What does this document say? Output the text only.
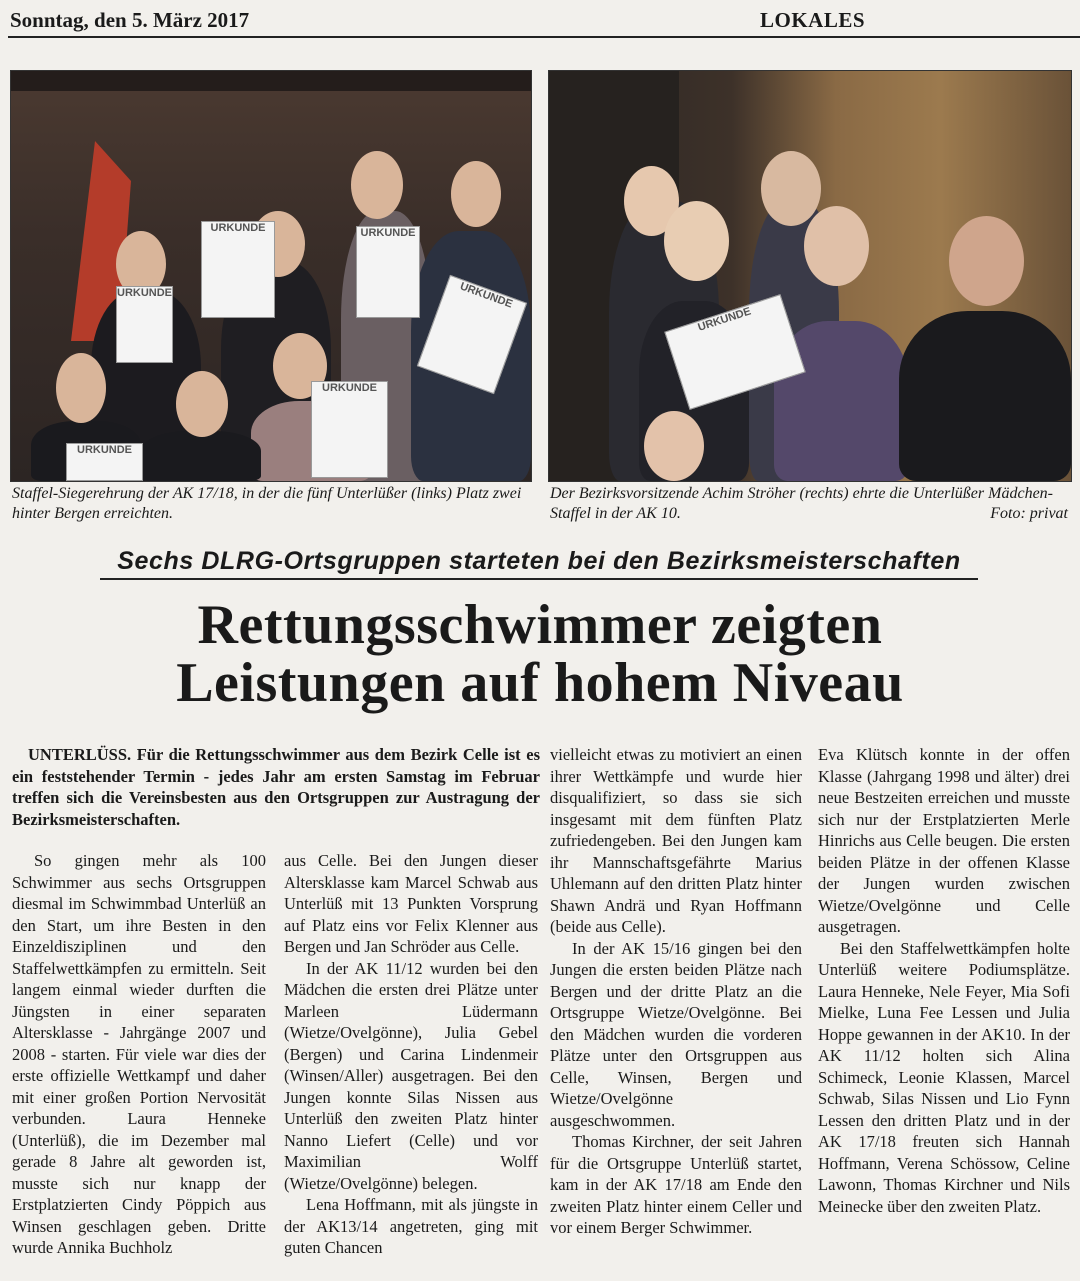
Sonntag, den 5. März 2017	LOKALES
URKUNDE	URKUNDE
URKUNDE	URKUNDE
URKUNDE
URKUNDE
URKUNDE
Staffel-Siegerehrung der AK 17/18, in der die fünf Unterlüßer (links) Platz zwei hinter Bergen erreichten.
Der Bezirksvorsitzende Achim Ströher (rechts) ehrte die Unterlüßer Mädchen-Staffel in der AK 10.	Foto: privat
Sechs DLRG-Ortsgruppen starteten bei den Bezirksmeisterschaften
Rettungsschwimmer zeigten
Leistungen auf hohem Niveau

UNTERLÜSS. Für die Rettungsschwimmer aus dem Bezirk Celle ist es ein feststehender Termin - jedes Jahr am ersten Samstag im Februar treffen sich die Vereinsbesten aus den Ortsgruppen zur Austragung der Bezirksmeisterschaften.

So gingen mehr als 100 Schwimmer aus sechs Ortsgruppen diesmal im Schwimmbad Unterlüß an den Start, um ihre Besten in den Einzeldisziplinen und den Staffelwettkämpfen zu ermitteln. Seit langem einmal wieder durften die Jüngsten in einer separaten Altersklasse - Jahrgänge 2007 und 2008 - starten. Für viele war dies der erste offizielle Wettkampf und daher mit einer großen Portion Nervosität verbunden. Laura Henneke (Unterlüß), die im Dezember mal gerade 8 Jahre alt geworden ist, musste sich nur knapp der Erstplatzierten Cindy Pöppich aus Winsen geschlagen geben. Dritte wurde Annika Buchholz

aus Celle. Bei den Jungen dieser Altersklasse kam Marcel Schwab aus Unterlüß mit 13 Punkten Vorsprung auf Platz eins vor Felix Klenner aus Bergen und Jan Schröder aus Celle.

In der AK 11/12 wurden bei den Mädchen die ersten drei Plätze unter Marleen Lüdermann (Wietze/Ovelgönne), Julia Gebel (Bergen) und Carina Lindenmeir (Winsen/Aller) ausgetragen. Bei den Jungen konnte Silas Nissen aus Unterlüß den zweiten Platz hinter Nanno Liefert (Celle) und vor Maximilian Wolff (Wietze/Ovelgönne) belegen.

Lena Hoffmann, mit als jüngste in der AK13/14 angetreten, ging mit guten Chancen

vielleicht etwas zu motiviert an einen ihrer Wettkämpfe und wurde hier disqualifiziert, so dass sie sich insgesamt mit dem fünften Platz zufriedengeben. Bei den Jungen kam ihr Mannschaftsgefährte Marius Uhlemann auf den dritten Platz hinter Shawn Andrä und Ryan Hoffmann (beide aus Celle).

In der AK 15/16 gingen bei den Jungen die ersten beiden Plätze nach Bergen und der dritte Platz an die Ortsgruppe Wietze/Ovelgönne. Bei den Mädchen wurden die vorderen Plätze unter den Ortsgruppen aus Celle, Winsen, Bergen und Wietze/Ovelgönne ausgeschwommen.

Thomas Kirchner, der seit Jahren für die Ortsgruppe Unterlüß startet, kam in der AK 17/18 am Ende den zweiten Platz hinter einem Celler und vor einem Berger Schwimmer.

Eva Klütsch konnte in der offen Klasse (Jahrgang 1998 und älter) drei neue Bestzeiten erreichen und musste sich nur der Erstplatzierten Merle Hinrichs aus Celle beugen. Die ersten beiden Plätze in der offenen Klasse der Jungen wurden zwischen Wietze/Ovelgönne und Celle ausgetragen.

Bei den Staffelwettkämpfen holte Unterlüß weitere Podiumsplätze. Laura Henneke, Nele Feyer, Mia Sofi Mielke, Luna Fee Lessen und Julia Hoppe gewannen in der AK10. In der AK 11/12 holten sich Alina Schimeck, Leonie Klassen, Marcel Schwab, Silas Nissen und Lio Fynn Lessen den dritten Platz und in der AK 17/18 freuten sich Hannah Hoffmann, Verena Schössow, Celine Lawonn, Thomas Kirchner und Nils Meinecke über den zweiten Platz.
